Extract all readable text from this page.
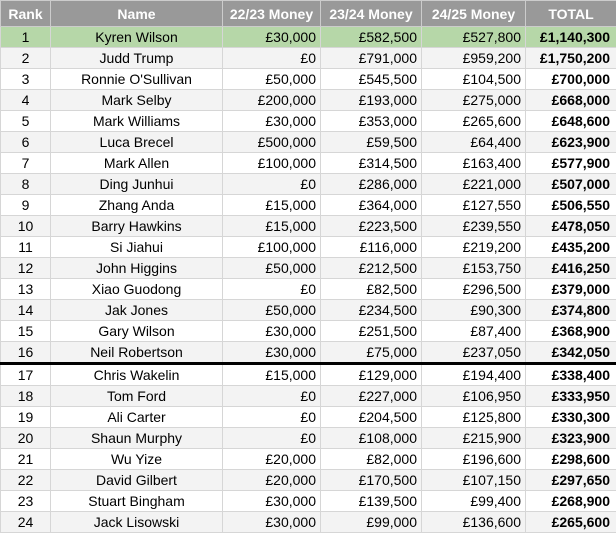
Rank	Name	22/23 Money	23/24 Money	24/25 Money	TOTAL
1	Kyren Wilson	£30,000	£582,500	£527,800	£1,140,300
2	Judd Trump	£0	£791,000	£959,200	£1,750,200
3	Ronnie O'Sullivan	£50,000	£545,500	£104,500	£700,000
4	Mark Selby	£200,000	£193,000	£275,000	£668,000
5	Mark Williams	£30,000	£353,000	£265,600	£648,600
6	Luca Brecel	£500,000	£59,500	£64,400	£623,900
7	Mark Allen	£100,000	£314,500	£163,400	£577,900
8	Ding Junhui	£0	£286,000	£221,000	£507,000
9	Zhang Anda	£15,000	£364,000	£127,550	£506,550
10	Barry Hawkins	£15,000	£223,500	£239,550	£478,050
11	Si Jiahui	£100,000	£116,000	£219,200	£435,200
12	John Higgins	£50,000	£212,500	£153,750	£416,250
13	Xiao Guodong	£0	£82,500	£296,500	£379,000
14	Jak Jones	£50,000	£234,500	£90,300	£374,800
15	Gary Wilson	£30,000	£251,500	£87,400	£368,900
16	Neil Robertson	£30,000	£75,000	£237,050	£342,050
17	Chris Wakelin	£15,000	£129,000	£194,400	£338,400
18	Tom Ford	£0	£227,000	£106,950	£333,950
19	Ali Carter	£0	£204,500	£125,800	£330,300
20	Shaun Murphy	£0	£108,000	£215,900	£323,900
21	Wu Yize	£20,000	£82,000	£196,600	£298,600
22	David Gilbert	£20,000	£170,500	£107,150	£297,650
23	Stuart Bingham	£30,000	£139,500	£99,400	£268,900
24	Jack Lisowski	£30,000	£99,000	£136,600	£265,600
